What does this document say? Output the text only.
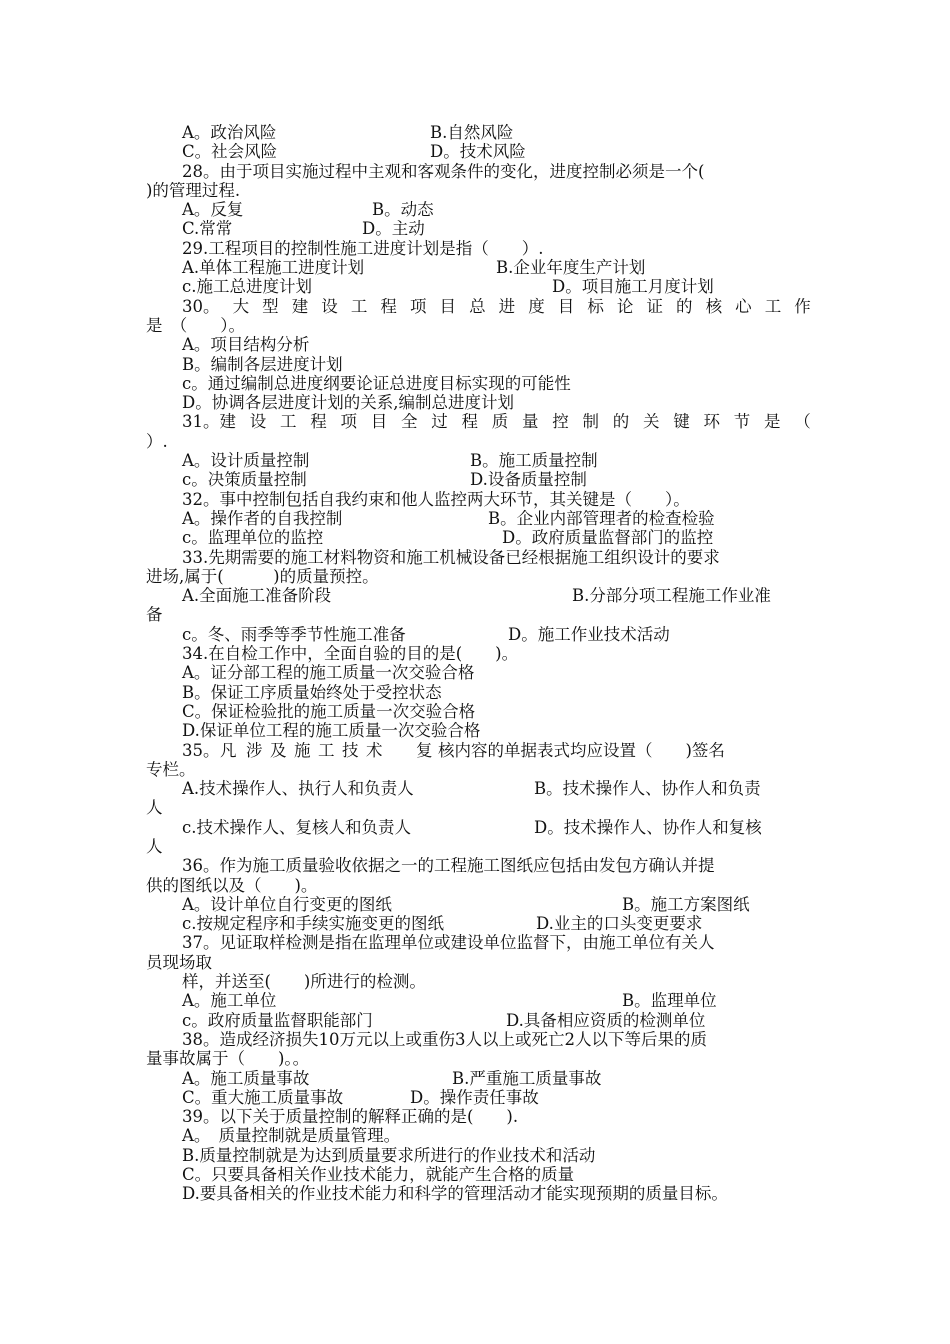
A。政治风险	B.自然风险
C。社会风险	D。技术风险
28。由于项目实施过程中主观和客观条件的变化，进度控制必须是一个(
)的管理过程.
A。反复	B。动态
C.常常	D。主动
29.工程项目的控制性施工进度计划是指（　　）.
A.单体工程施工进度计划	B.企业年度生产计划
c.施工总进度计划	D。项目施工月度计划
30。 大 型 建 设 工 程 项 目 总 进 度 目 标 论 证 的 核 心 工 作
是　（　　）。
A。项目结构分析
B。编制各层进度计划
c。通过编制总进度纲要论证总进度目标实现的可能性
D。协调各层进度计划的关系,编制总进度计划
31。建 设 工 程 项 目 全 过 程 质 量 控 制 的 关 键 环 节 是 （
）.
A。设计质量控制	B。施工质量控制
c。决策质量控制	D.设备质量控制
32。事中控制包括自我约束和他人监控两大环节，其关键是（　　）。
A。操作者的自我控制	B。企业内部管理者的检查检验
c。监理单位的监控	D。政府质量监督部门的监控
33.先期需要的施工材料物资和施工机械设备已经根据施工组织设计的要求
进场,属于(　　　)的质量预控。
A.全面施工准备阶段	B.分部分项工程施工作业准
备
c。冬、雨季等季节性施工准备	D。施工作业技术活动
34.在自检工作中，全面自验的目的是(　　)。
A。证分部工程的施工质量一次交验合格
B。保证工序质量始终处于受控状态
C。保证检验批的施工质量一次交验合格
D.保证单位工程的施工质量一次交验合格
35。 凡 涉 及 施 工 技 术
　	复 核内容的单据表式均应设置（　　)签名
专栏。
A.技术操作人、执行人和负责人	B。技术操作人、协作人和负责
人
c.技术操作人、复核人和负责人	D。技术操作人、协作人和复核
人
36。作为施工质量验收依据之一的工程施工图纸应包括由发包方确认并提
供的图纸以及（　　)。
A。设计单位自行变更的图纸	B。施工方案图纸
c.按规定程序和手续实施变更的图纸	D.业主的口头变更要求
37。见证取样检测是指在监理单位或建设单位监督下，由施工单位有关人
员现场取
样，并送至(　　)所进行的检测。
A。施工单位	B。监理单位
c。政府质量监督职能部门	D.具备相应资质的检测单位
38。造成经济损失10万元以上或重伤3人以上或死亡2人以下等后果的质
量事故属于（　　)。。
A。施工质量事故	B.严重施工质量事故
C。重大施工质量事故	D。操作责任事故
39。以下关于质量控制的解释正确的是(　　).
A。　质量控制就是质量管理。
B.质量控制就是为达到质量要求所进行的作业技术和活动
C。只要具备相关作业技术能力，就能产生合格的质量
D.要具备相关的作业技术能力和科学的管理活动才能实现预期的质量目标。
